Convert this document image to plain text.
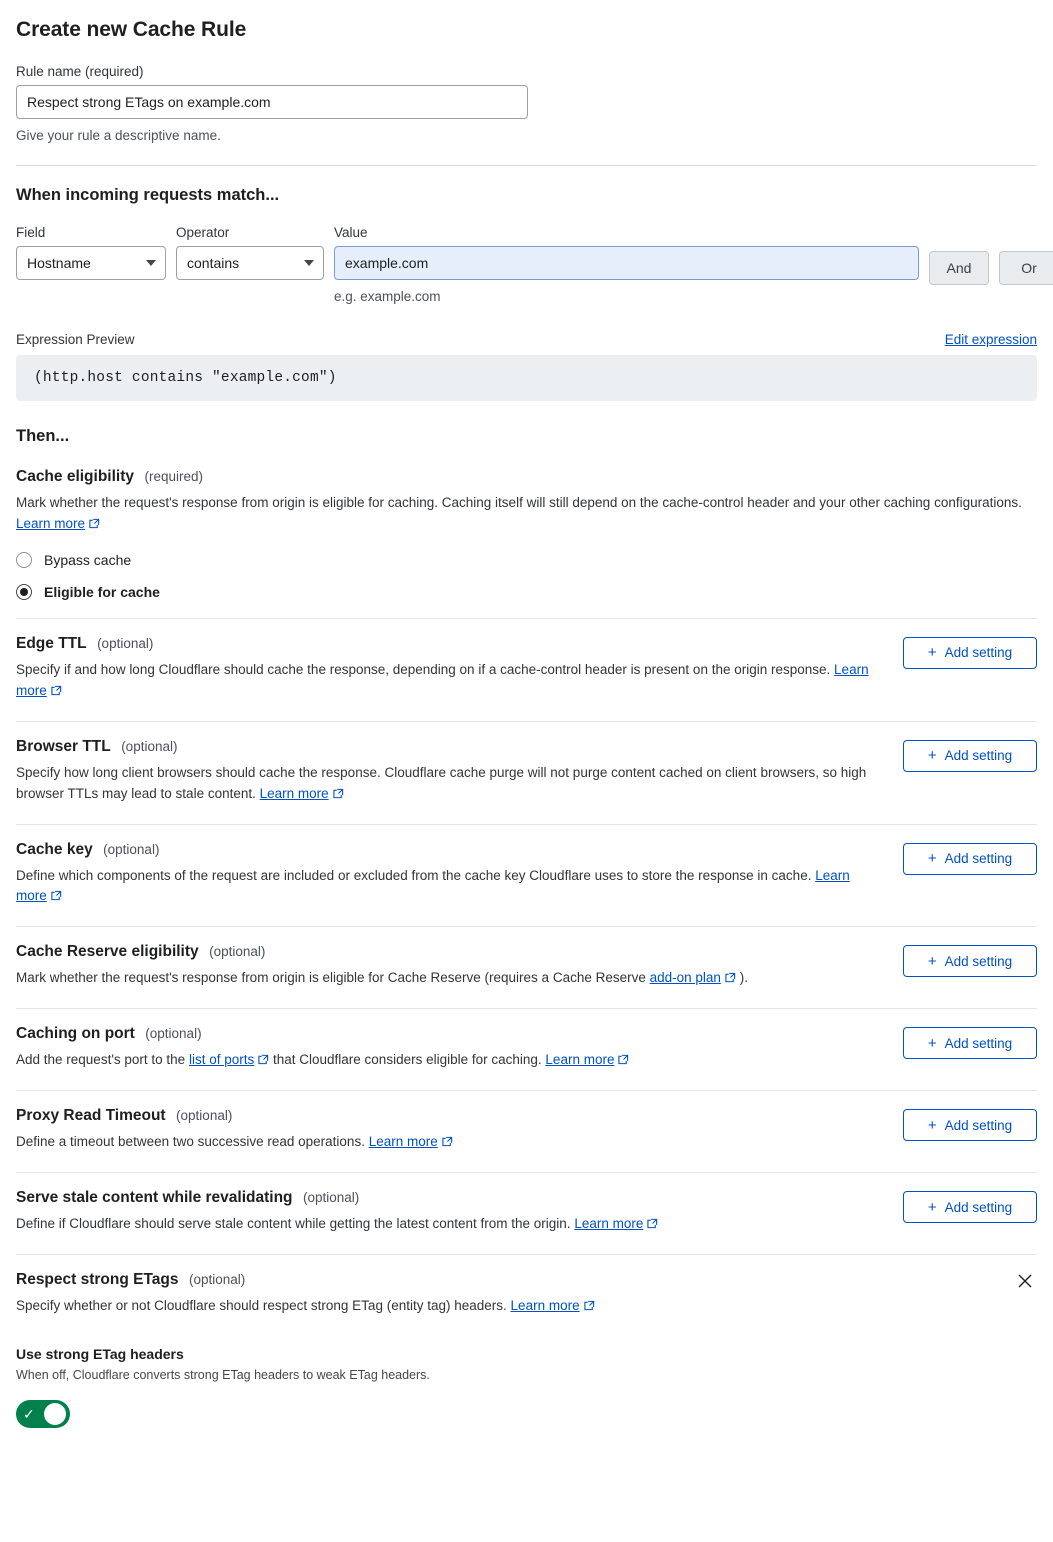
Create new Cache Rule
Rule name (required)
Respect strong ETags on example.com
Give your rule a descriptive name.
When incoming requests match...
Field
Hostname
Operator
contains
Value
example.com
e.g. example.com
And	Or
Expression Preview	Edit expression
(http.host contains "example.com")
Then...
Cache eligibility (required)
Mark whether the request's response from origin is eligible for caching. Caching itself will still depend on the cache-control header and your other caching configurations. Learn more
Bypass cache
Eligible for cache
Edge TTL (optional)
Specify if and how long Cloudflare should cache the response, depending on if a cache-control header is present on the origin response. Learn more
+ Add setting
Browser TTL (optional)
Specify how long client browsers should cache the response. Cloudflare cache purge will not purge content cached on client browsers, so high browser TTLs may lead to stale content. Learn more
+ Add setting
Cache key (optional)
Define which components of the request are included or excluded from the cache key Cloudflare uses to store the response in cache. Learn more
+ Add setting
Cache Reserve eligibility (optional)
Mark whether the request's response from origin is eligible for Cache Reserve (requires a Cache Reserve add-on plan ).
+ Add setting
Caching on port (optional)
Add the request's port to the list of ports that Cloudflare considers eligible for caching. Learn more
+ Add setting
Proxy Read Timeout (optional)
Define a timeout between two successive read operations. Learn more
+ Add setting
Serve stale content while revalidating (optional)
Define if Cloudflare should serve stale content while getting the latest content from the origin. Learn more
+ Add setting
Respect strong ETags (optional)
Specify whether or not Cloudflare should respect strong ETag (entity tag) headers. Learn more
Use strong ETag headers
When off, Cloudflare converts strong ETag headers to weak ETag headers.
✓
